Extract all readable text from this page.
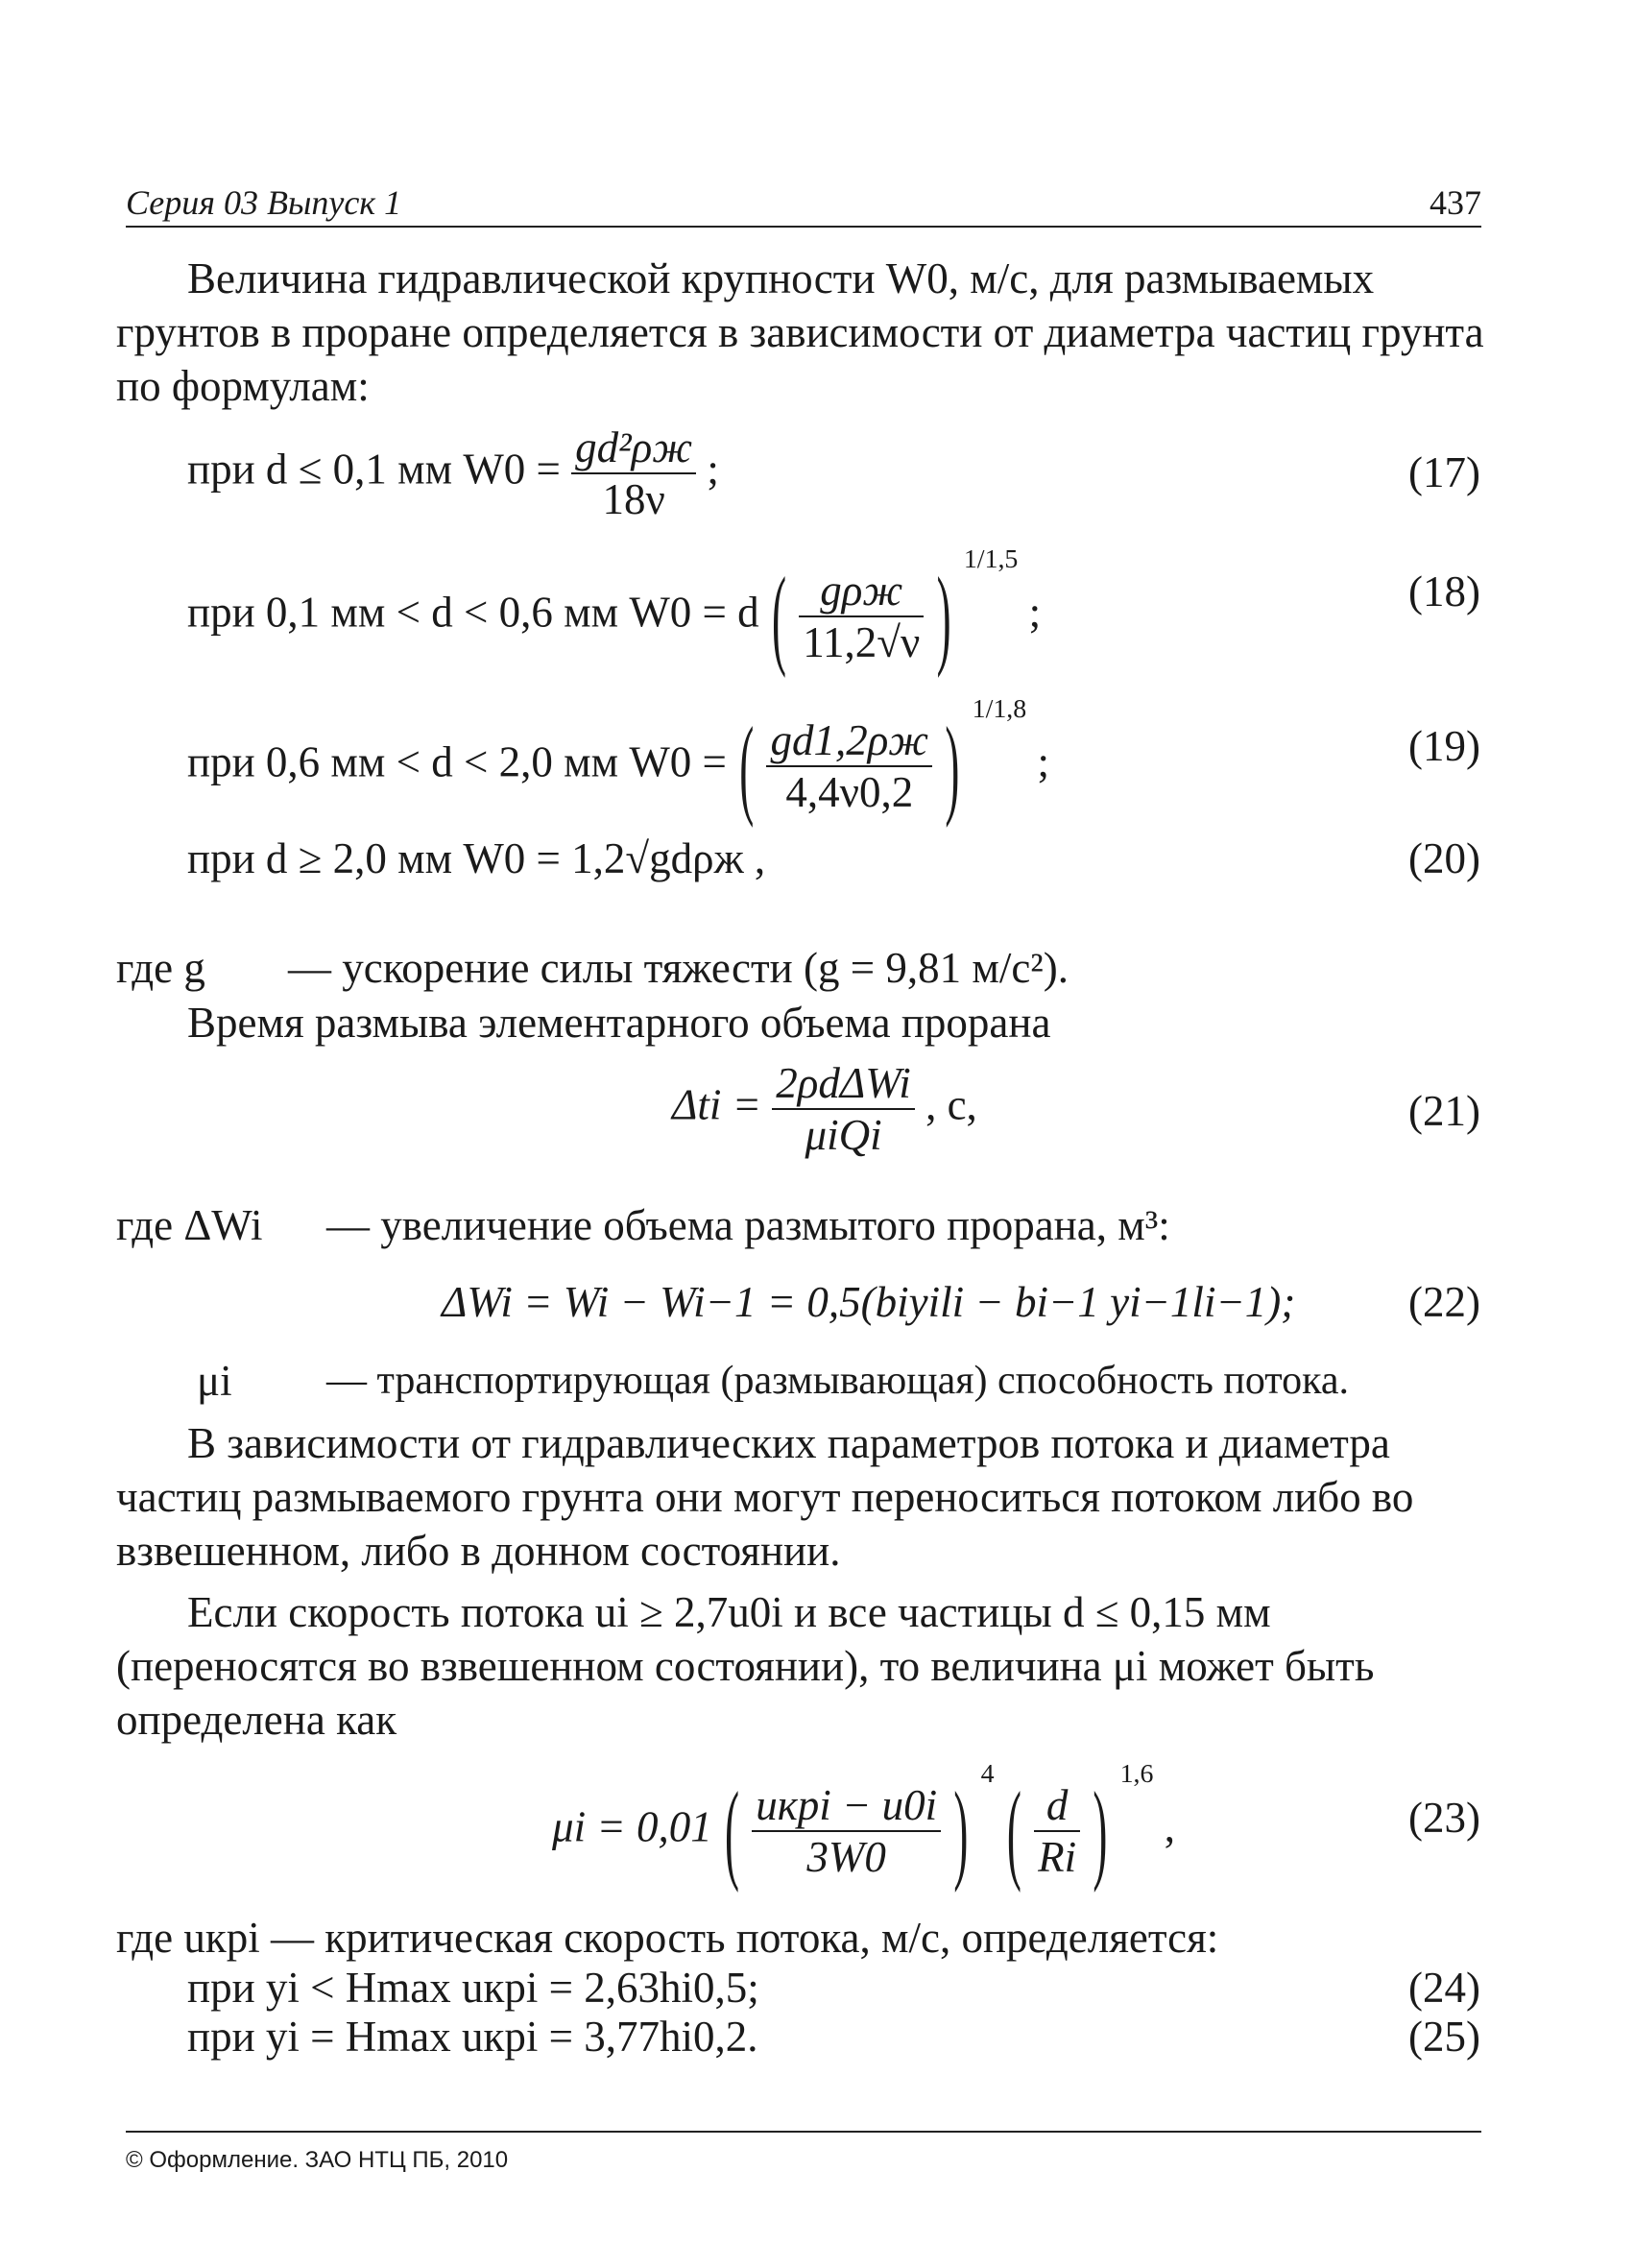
Серия 03 Выпуск 1	437
Величина гидравлической крупности W0, м/с, для размываемых грунтов в проране определяется в зависимости от диаметра частиц грунта по формулам:
при d ≤ 0,1 мм $W0 = \frac{\text{gd²ρж}}{18\nu}$ ;	(17)
при 0,1 мм < d < 0,6 мм W0 = d ( $\frac{\text{gρж}}{11,2√\nu}$ ) $^{1/1,5}$ ;	(18)
при 0,6 мм < d < 2,0 мм W0 = ( $\frac{gd1,2\rho ж}{4,4\nu 0,2}$ ) $^{1/1,8}$ ;	(19)
при d ≥ 2,0 мм W0 = 1,2√gdρж ,	(20)
где g — ускорение силы тяжести (g = 9,81 м/с²).
Время размыва элементарного объема прорана
$\Delta ti = \frac{\text{2ρdΔWi}}{\text{μiQi}}$ , с,	(21)
где ΔWi — увеличение объема размытого прорана, м³:
ΔWi = Wi − Wi−1 = 0,5(biyili − bi−1 yi−1li−1);	(22)
μi — транспортирующая (размывающая) способность потока.
В зависимости от гидравлических параметров потока и диаметра частиц размываемого грунта они могут переноситься потоком либо во взвешенном, либо в донном состоянии.
Если скорость потока ui ≥ 2,7u0i и все частицы d ≤ 0,15 мм (переносятся во взвешенном состоянии), то величина μi может быть определена как
μi = 0,01 ( $\frac{\text{uкрi − u0i}}{3W0}$ ) $^4$ ( $\frac{d}{Ri}$ ) $^{1,6}$ ,	(23)
где uкрi — критическая скорость потока, м/с, определяется:
при yi < Hmax uкрi = 2,63hi0,5;	(24)
при yi = Hmax uкрi = 3,77hi0,2.	(25)
© Оформление. ЗАО НТЦ ПБ, 2010
